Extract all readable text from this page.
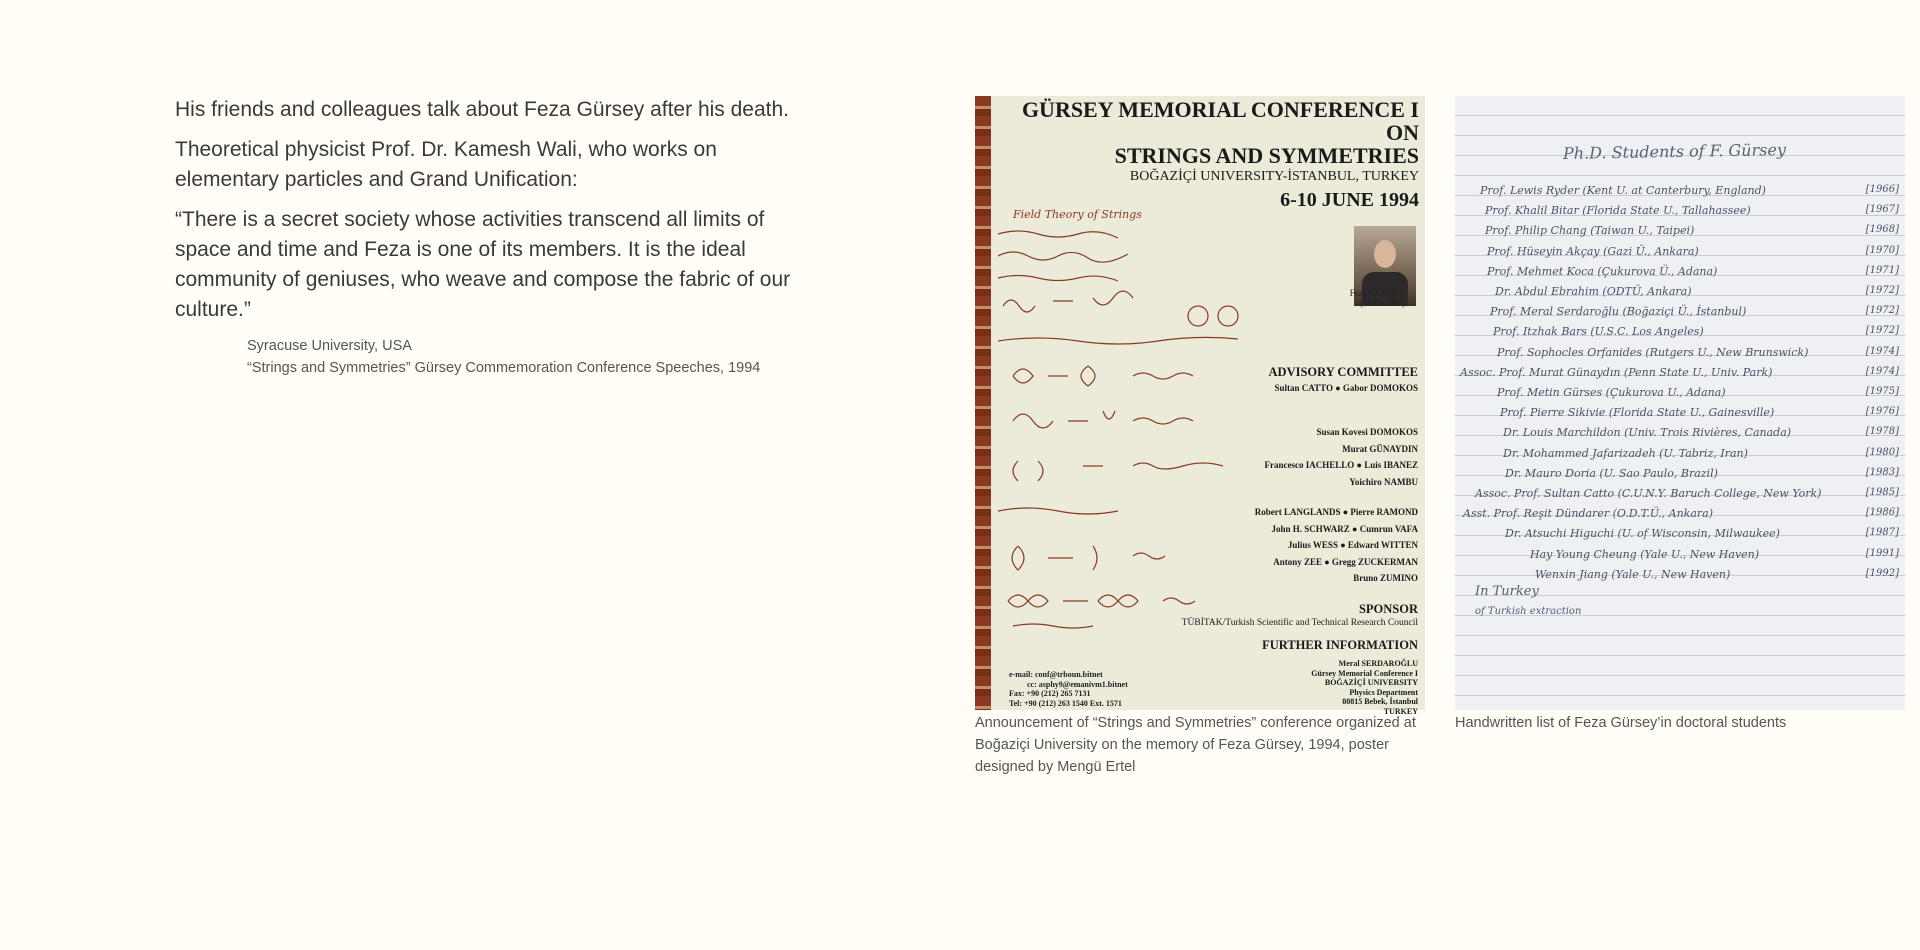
His friends and colleagues talk about Feza Gürsey after his death.

Theoretical physicist Prof. Dr. Kamesh Wali, who works on elementary particles and Grand Unification:

“There is a secret society whose activities transcend all limits of space and time and Feza is one of its members. It is the ideal community of geniuses, who weave and compose the fabric of our culture.”

Syracuse University, USA
“Strings and Symmetries” Gürsey Commemoration Conference Speeches, 1994
GÜRSEY MEMORIAL CONFERENCE I
ON
STRINGS AND SYMMETRIES
BOĞAZİÇİ UNIVERSITY-İSTANBUL, TURKEY
6-10 JUNE 1994
Feza GÜRSEY
(1921-1992)
Field Theory of Strings
ADVISORY COMMITTEE
Sultan CATTO ● Gabor DOMOKOS
Susan Kovesi DOMOKOS
Murat GÜNAYDIN
Francesco IACHELLO ● Luis IBANEZ
Yoichiro NAMBU
Robert LANGLANDS ● Pierre RAMOND
John H. SCHWARZ ● Cumrun VAFA
Julius WESS ● Edward WITTEN
Antony ZEE ● Gregg ZUCKERMAN
Bruno ZUMINO
SPONSOR
TÜBİTAK/Turkish Scientific and Technical Research Council
FURTHER INFORMATION
Meral SERDAROĞLU
Gürsey Memorial Conference I
BOĞAZİÇİ UNIVERSITY
Physics Department
80815 Bebek, İstanbul
TURKEY
e-mail: conf@trboun.bitnet
cc: asphy9@emanivm1.bitnet
Fax: +90 (212) 265 7131
Tel: +90 (212) 263 1540 Ext. 1571
Announcement of “Strings and Symmetries” conference organized at Boğaziçi University on the memory of Feza Gürsey, 1994, poster designed by Mengü Ertel
Ph.D. Students of F. Gürsey
Prof. Lewis Ryder (Kent U. at Canterbury, England)	[1966]
Prof. Khalil Bitar (Florida State U., Tallahassee)	[1967]
Prof. Philip Chang (Taiwan U., Taipei)	[1968]
Prof. Hüseyin Akçay (Gazi Ü., Ankara)	[1970]
Prof. Mehmet Koca (Çukurova Ü., Adana)	[1971]
Dr. Abdul Ebrahim (ODTÜ, Ankara)	[1972]
Prof. Meral Serdaroğlu (Boğaziçi Ü., İstanbul)	[1972]
Prof. Itzhak Bars (U.S.C. Los Angeles)	[1972]
Prof. Sophocles Orfanides (Rutgers U., New Brunswick)	[1974]
Assoc. Prof. Murat Günaydın (Penn State U., Univ. Park)	[1974]
Prof. Metin Gürses (Çukurova U., Adana)	[1975]
Prof. Pierre Sikivie (Florida State U., Gainesville)	[1976]
Dr. Louis Marchildon (Univ. Trois Rivières, Canada)	[1978]
Dr. Mohammed Jafarizadeh (U. Tabriz, Iran)	[1980]
Dr. Mauro Doria (U. Sao Paulo, Brazil)	[1983]
Assoc. Prof. Sultan Catto (C.U.N.Y. Baruch College, New York)	[1985]
Asst. Prof. Reşit Dündarer (O.D.T.Ü., Ankara)	[1986]
Dr. Atsuchi Higuchi (U. of Wisconsin, Milwaukee)	[1987]
Hay Young Cheung (Yale U., New Haven)	[1991]
Wenxin Jiang (Yale U., New Haven)	[1992]
In Turkey
of Turkish extraction
Handwritten list of Feza Gürsey’in doctoral students
